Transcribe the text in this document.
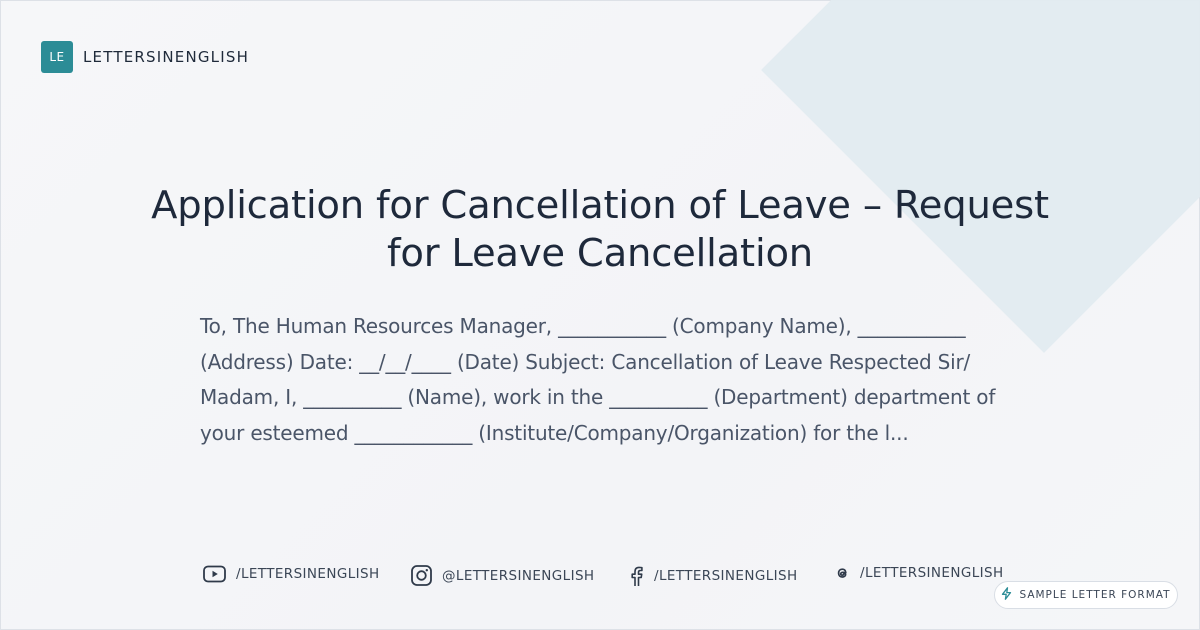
LE	LETTERSINENGLISH
Application for Cancellation of Leave – Request for Leave Cancellation

To, The Human Resources Manager, ___________ (Company Name), ___________ (Address) Date: __/__/____ (Date) Subject: Cancellation of Leave Respected Sir/ Madam, I, __________ (Name), work in the __________ (Department) department of your esteemed ____________ (Institute/Company/Organization) for the l...

/LETTERSINENGLISH	@LETTERSINENGLISH	/LETTERSINENGLISH	/LETTERSINENGLISH
SAMPLE LETTER FORMAT
